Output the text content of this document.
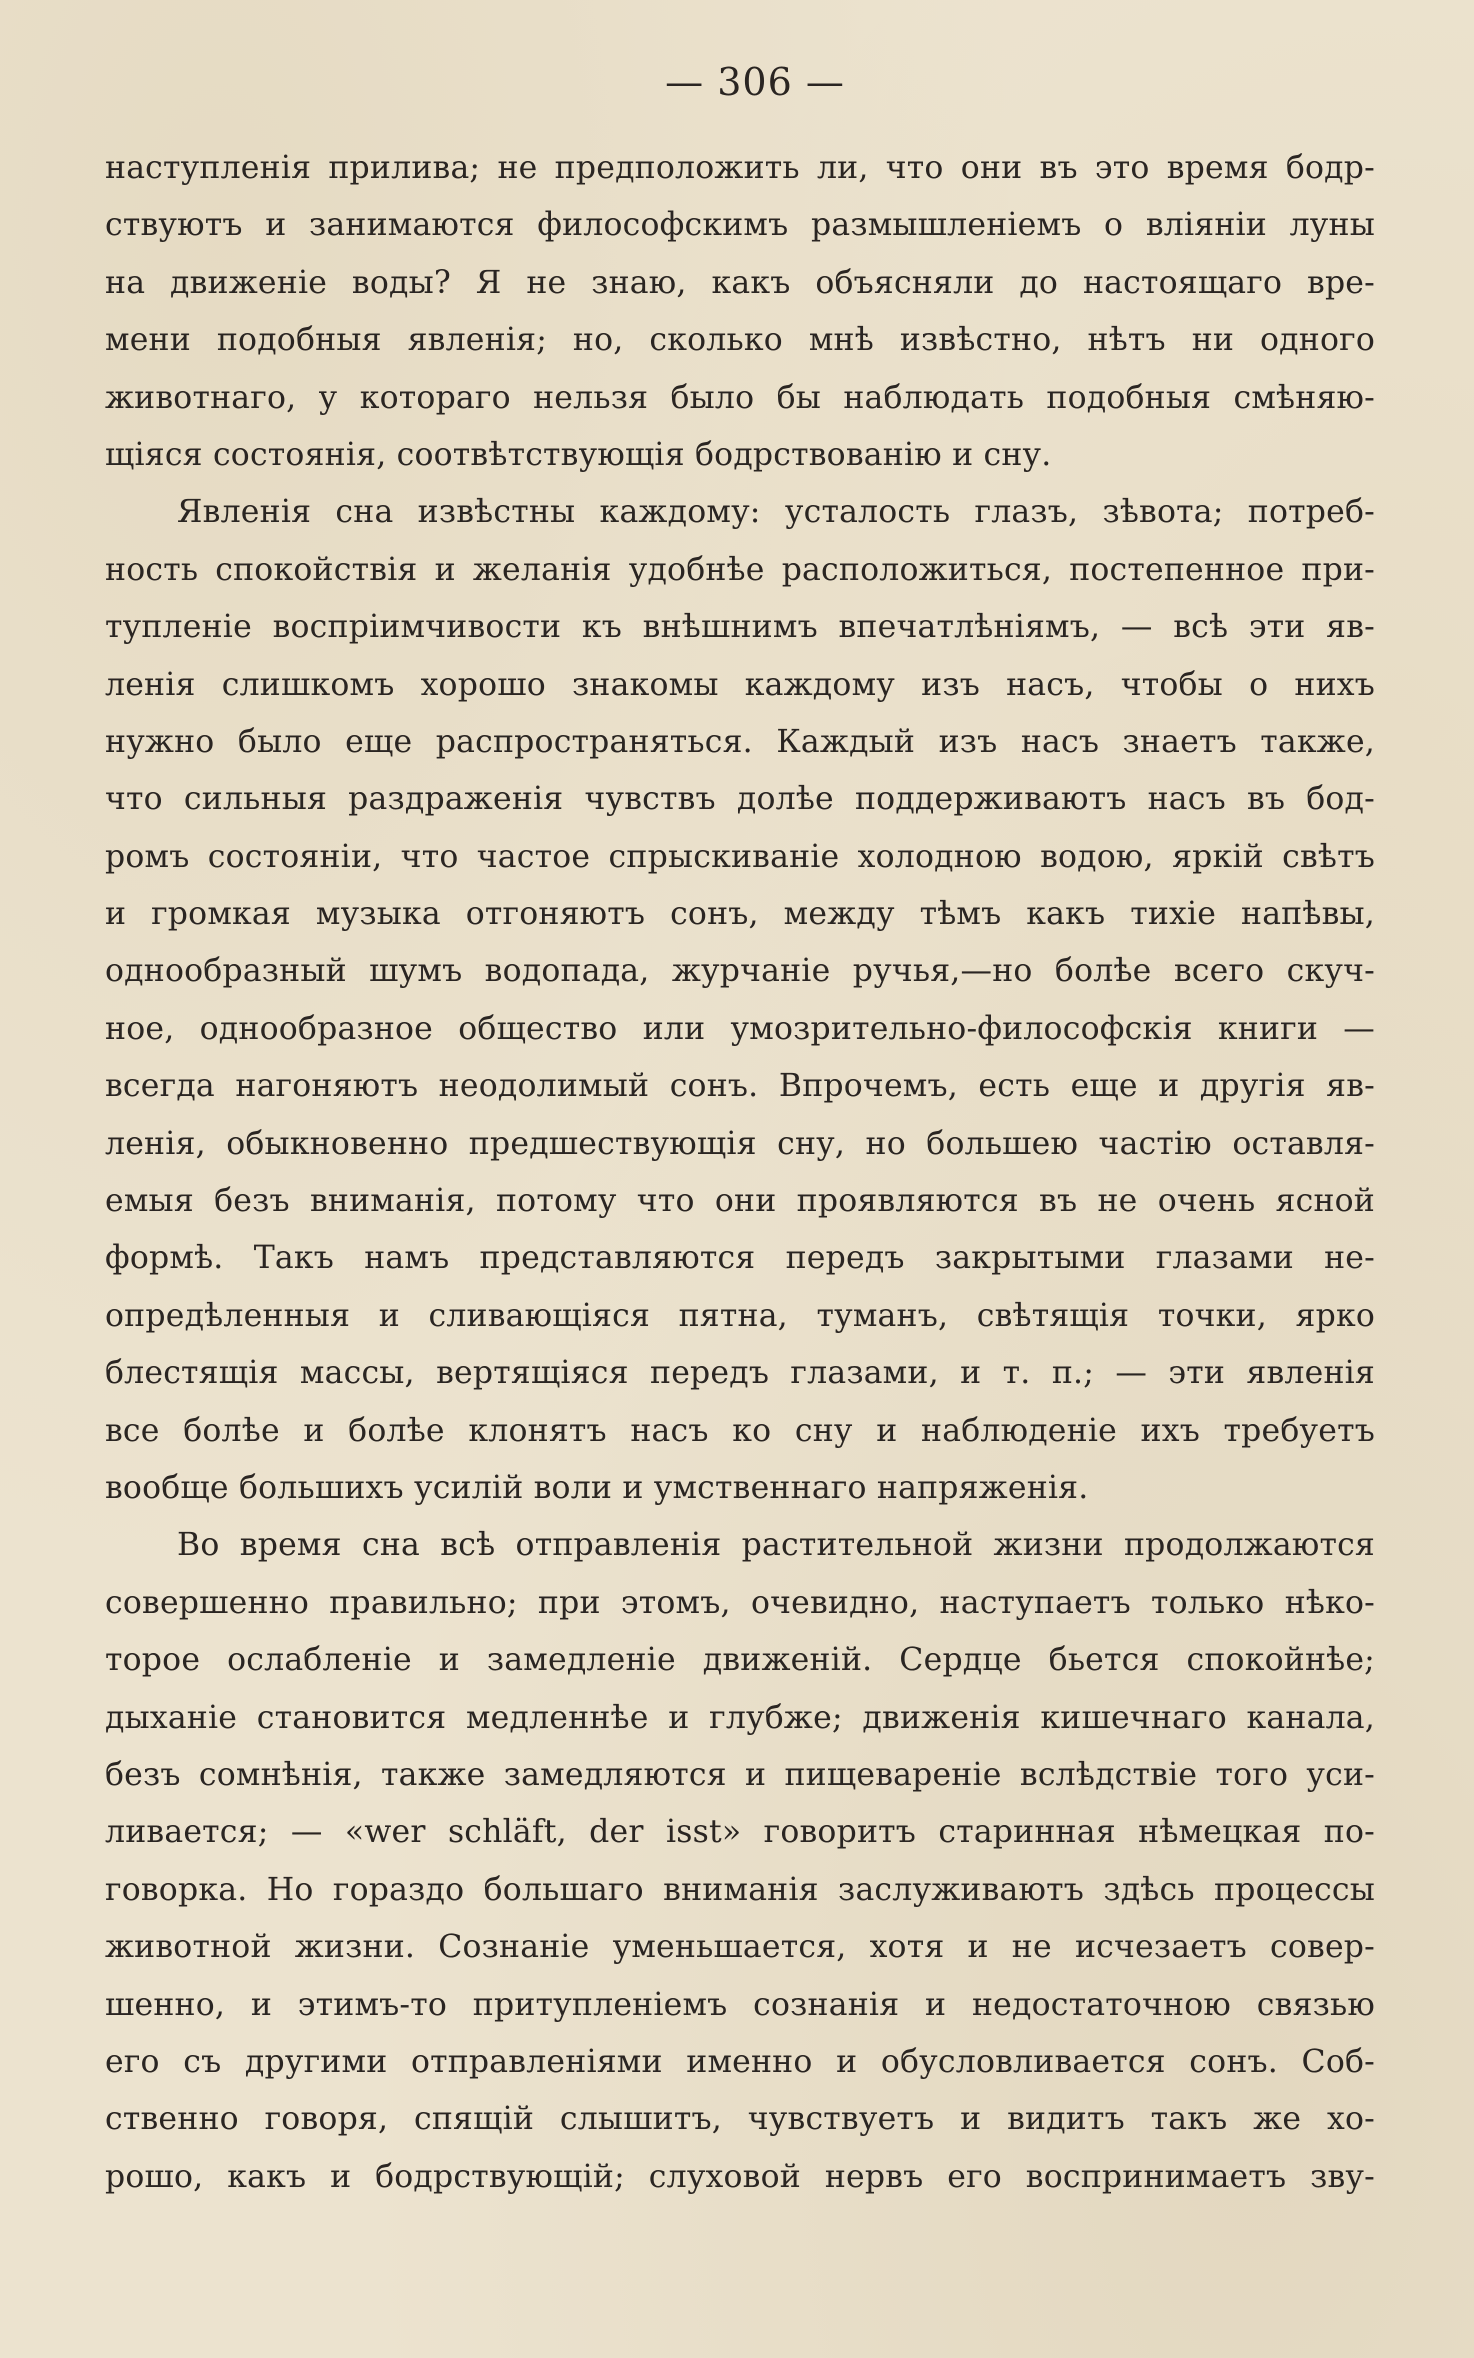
— 306 —
наступленія прилива; не предположить ли, что они въ это время бодр-
ствуютъ и занимаются философскимъ размышленіемъ о вліяніи луны
на движеніе воды? Я не знаю, какъ объясняли до настоящаго вре-
мени подобныя явленія; но, сколько мнѣ извѣстно, нѣтъ ни одного
животнаго, у котораго нельзя было бы наблюдать подобныя смѣняю-
щіяся состоянія, соотвѣтствующія бодрствованію и сну.
Явленія сна извѣстны каждому: усталость глазъ, зѣвота; потреб-
ность спокойствія и желанія удобнѣе расположиться, постепенное при-
тупленіе воспріимчивости къ внѣшнимъ впечатлѣніямъ, — всѣ эти яв-
ленія слишкомъ хорошо знакомы каждому изъ насъ, чтобы о нихъ
нужно было еще распространяться. Каждый изъ насъ знаетъ также,
что сильныя раздраженія чувствъ долѣе поддерживаютъ насъ въ бод-
ромъ состояніи, что частое спрыскиваніе холодною водою, яркій свѣтъ
и громкая музыка отгоняютъ сонъ, между тѣмъ какъ тихіе напѣвы,
однообразный шумъ водопада, журчаніе ручья,—но болѣе всего скуч-
ное, однообразное общество или умозрительно-философскія книги —
всегда нагоняютъ неодолимый сонъ. Впрочемъ, есть еще и другія яв-
ленія, обыкновенно предшествующія сну, но большею частію оставля-
емыя безъ вниманія, потому что они проявляются въ не очень ясной
формѣ. Такъ намъ представляются передъ закрытыми глазами не-
опредѣленныя и сливающіяся пятна, туманъ, свѣтящія точки, ярко
блестящія массы, вертящіяся передъ глазами, и т. п.; — эти явленія
все болѣе и болѣе клонятъ насъ ко сну и наблюденіе ихъ требуетъ
вообще большихъ усилій воли и умственнаго напряженія.
Во время сна всѣ отправленія растительной жизни продолжаются
совершенно правильно; при этомъ, очевидно, наступаетъ только нѣко-
торое ослабленіе и замедленіе движеній. Сердце бьется спокойнѣе;
дыханіе становится медленнѣе и глубже; движенія кишечнаго канала,
безъ сомнѣнія, также замедляются и пищевареніе вслѣдствіе того уси-
ливается; — «wer schläft, der isst» говоритъ старинная нѣмецкая по-
говорка. Но гораздо большаго вниманія заслуживаютъ здѣсь процессы
животной жизни. Сознаніе уменьшается, хотя и не исчезаетъ совер-
шенно, и этимъ-то притупленіемъ сознанія и недостаточною связью
его съ другими отправленіями именно и обусловливается сонъ. Соб-
ственно говоря, спящій слышитъ, чувствуетъ и видитъ такъ же хо-
рошо, какъ и бодрствующій; слуховой нервъ его воспринимаетъ зву-
